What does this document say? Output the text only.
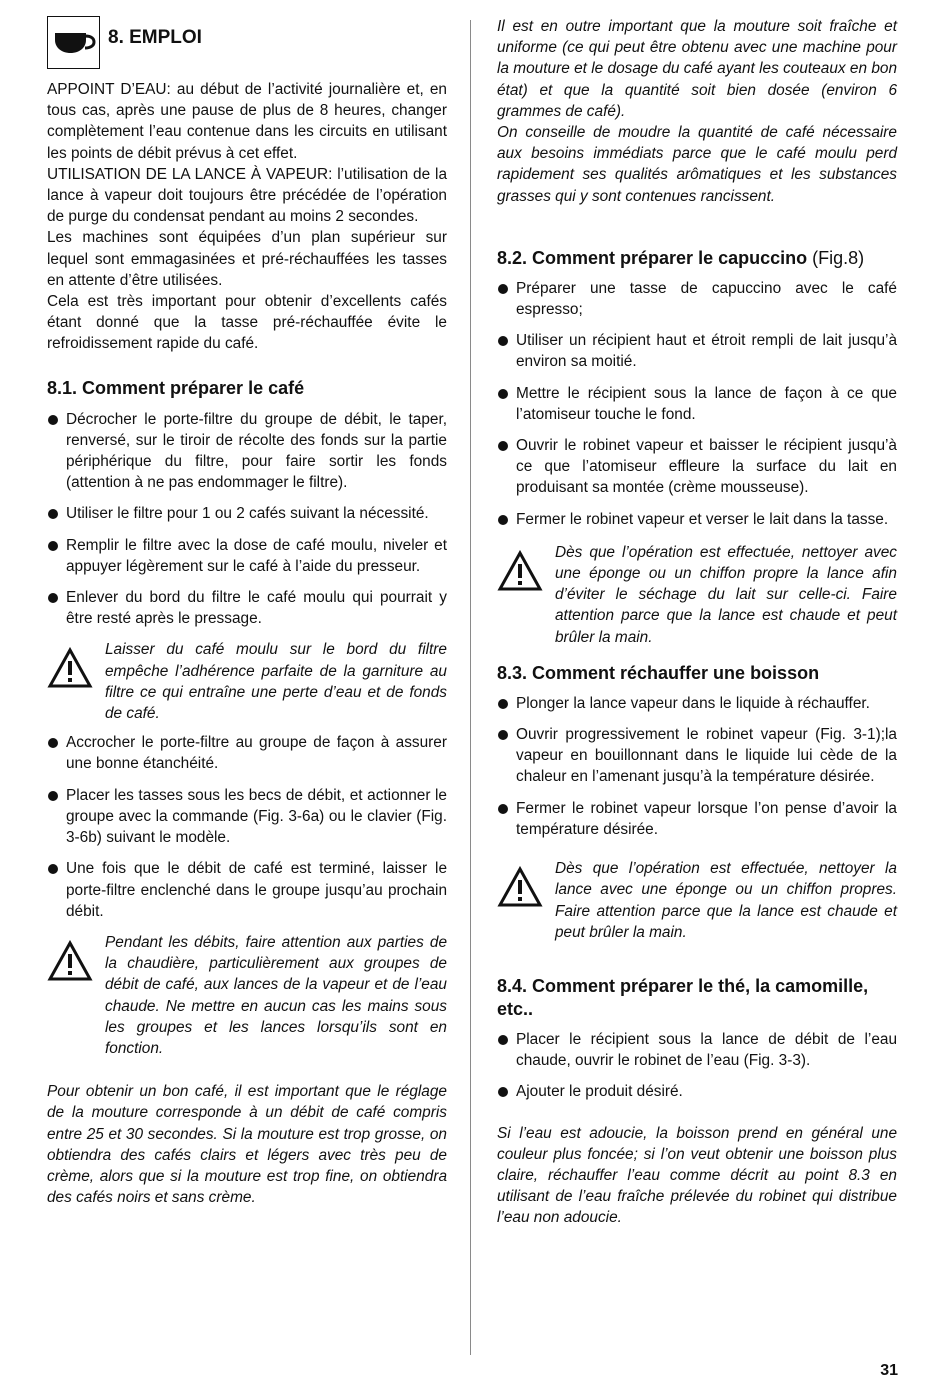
8. EMPLOI

APPOINT D’EAU: au début de l’activité journalière et, en tous cas, après une pause de plus de 8 heures, changer complètement l’eau contenue dans les circuits en utilisant les points de débit prévus à cet effet.

UTILISATION DE LA LANCE À VAPEUR: l’utilisation de la lance à vapeur doit toujours être précédée de l’opération de purge du condensat pendant au moins 2 secondes.

Les machines sont équipées d’un plan supérieur sur lequel sont emmagasinées et pré-réchauffées les tasses en attente d’être utilisées.

Cela est très important pour obtenir d’excellents cafés étant donné que la tasse pré-réchauffée évite le refroidissement rapide du café.

8.1. Comment préparer le café
Décrocher le porte-filtre du groupe de débit, le taper, renversé, sur le tiroir de récolte des fonds sur la partie périphérique du filtre, pour faire sortir les fonds (attention à ne pas endommager le filtre).
Utiliser le filtre pour 1 ou 2 cafés suivant la nécessité.
Remplir le filtre avec la dose de café moulu, niveler et appuyer légèrement sur le café à l’aide du presseur.
Enlever du bord du filtre le café moulu qui pourrait y être resté après le pressage.

Laisser du café moulu sur le bord du filtre empêche l’adhérence parfaite de la garniture au filtre ce qui entraîne une perte d’eau et de fonds de café.

Accrocher le porte-filtre au groupe de façon à assurer une bonne étanchéité.
Placer les tasses sous les becs de débit, et actionner le groupe avec la commande (Fig. 3-6a) ou le clavier (Fig. 3-6b) suivant le modèle.
Une fois que le débit de café est terminé, laisser le porte-filtre enclenché dans le groupe jusqu’au prochain débit.

Pendant les débits, faire attention aux parties de la chaudière, particulièrement aux groupes de débit de café, aux lances de la vapeur et de l’eau chaude. Ne mettre en aucun cas les mains sous les groupes et les lances lorsqu’ils sont en fonction.

Pour obtenir un bon café, il est important que le réglage de la mouture corresponde à un débit de café compris entre 25 et 30 secondes. Si la mouture est trop grosse, on obtiendra des cafés clairs et légers avec très peu de crème, alors que si la mouture est trop fine, on obtiendra des cafés noirs et sans crème.

Il est en outre important que la mouture soit fraîche et uniforme (ce qui peut être obtenu avec une machine pour la mouture et le dosage du café ayant les couteaux en bon état) et que la quantité soit bien dosée (environ 6 grammes de café).

On conseille de moudre la quantité de café nécessaire aux besoins immédiats parce que le café moulu perd rapidement ses qualités arômatiques et les substances grasses qui y sont contenues rancissent.

8.2. Comment préparer le capuccino (Fig.8)
Préparer une tasse de capuccino avec le café espresso;
Utiliser un récipient haut et étroit rempli de lait jusqu’à environ sa moitié.
Mettre le récipient sous la lance de façon à ce que l’atomiseur touche le fond.
Ouvrir le robinet vapeur et baisser le récipient jusqu’à ce que l’atomiseur effleure la surface du lait en produisant sa montée (crème mousseuse).
Fermer le robinet vapeur et verser le lait dans la tasse.

Dès que l’opération est effectuée, nettoyer avec une éponge ou un chiffon propre la lance afin d’éviter le séchage du lait sur celle-ci. Faire attention parce que la lance est chaude et peut brûler la main.

8.3. Comment réchauffer une boisson
Plonger la lance vapeur dans le liquide à réchauffer.
Ouvrir progressivement le robinet vapeur (Fig. 3-1);la vapeur en bouillonnant dans le liquide lui cède de la chaleur en l’amenant jusqu’à la température désirée.
Fermer le robinet vapeur lorsque l’on pense d’avoir la température désirée.

Dès que l’opération est effectuée, nettoyer la lance avec une éponge ou un chiffon propres. Faire attention parce que la lance est chaude et peut brûler la main.

8.4. Comment préparer le thé, la camomille, etc..
Placer le récipient sous la lance de débit de l’eau chaude, ouvrir le robinet de l’eau (Fig. 3-3).
Ajouter le produit désiré.

Si l’eau est adoucie, la boisson prend en général une couleur plus foncée; si l’on veut obtenir une boisson plus claire, réchauffer l’eau comme décrit au point 8.3 en utilisant de l’eau fraîche prélevée du robinet qui distribue l’eau non adoucie.

31
